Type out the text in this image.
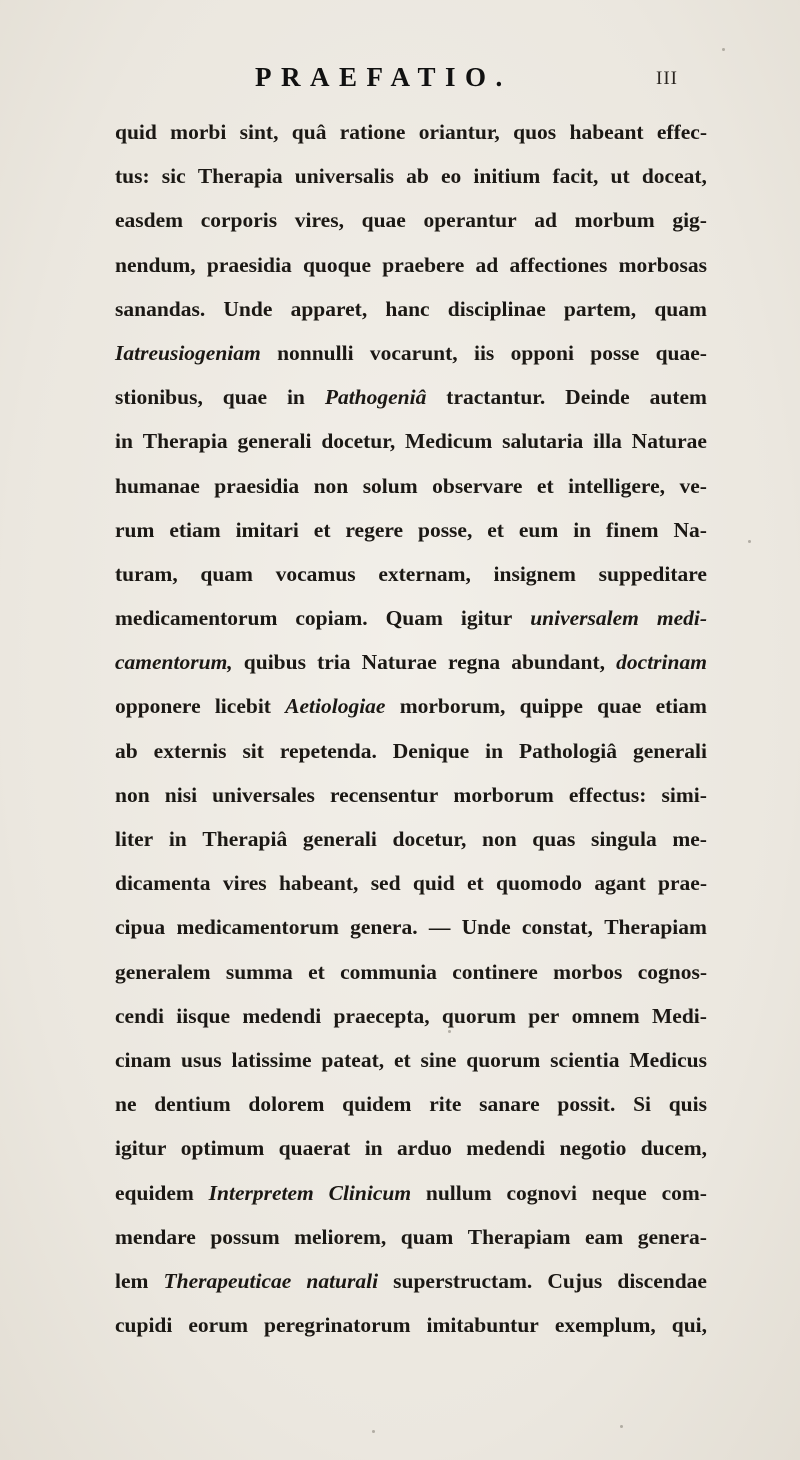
PRAEFATIO.	III
quid morbi sint, quâ ratione oriantur, quos habeant effec-
tus: sic Therapia universalis ab eo initium facit, ut doceat,
easdem corporis vires, quae operantur ad morbum gig-
nendum, praesidia quoque praebere ad affectiones morbosas
sanandas. Unde apparet, hanc disciplinae partem, quam
Iatreusiogeniam nonnulli vocarunt, iis opponi posse quae-
stionibus, quae in Pathogeniâ tractantur. Deinde autem
in Therapia generali docetur, Medicum salutaria illa Naturae
humanae praesidia non solum observare et intelligere, ve-
rum etiam imitari et regere posse, et eum in finem Na-
turam, quam vocamus externam, insignem suppeditare
medicamentorum copiam. Quam igitur universalem medi-
camentorum, quibus tria Naturae regna abundant, doctrinam
opponere licebit Aetiologiae morborum, quippe quae etiam
ab externis sit repetenda. Denique in Pathologiâ generali
non nisi universales recensentur morborum effectus: simi-
liter in Therapiâ generali docetur, non quas singula me-
dicamenta vires habeant, sed quid et quomodo agant prae-
cipua medicamentorum genera. — Unde constat, Therapiam
generalem summa et communia continere morbos cognos-
cendi iisque medendi praecepta, quorum per omnem Medi-
cinam usus latissime pateat, et sine quorum scientia Medicus
ne dentium dolorem quidem rite sanare possit. Si quis
igitur optimum quaerat in arduo medendi negotio ducem,
equidem Interpretem Clinicum nullum cognovi neque com-
mendare possum meliorem, quam Therapiam eam genera-
lem Therapeuticae naturali superstructam. Cujus discendae
cupidi eorum peregrinatorum imitabuntur exemplum, qui,
